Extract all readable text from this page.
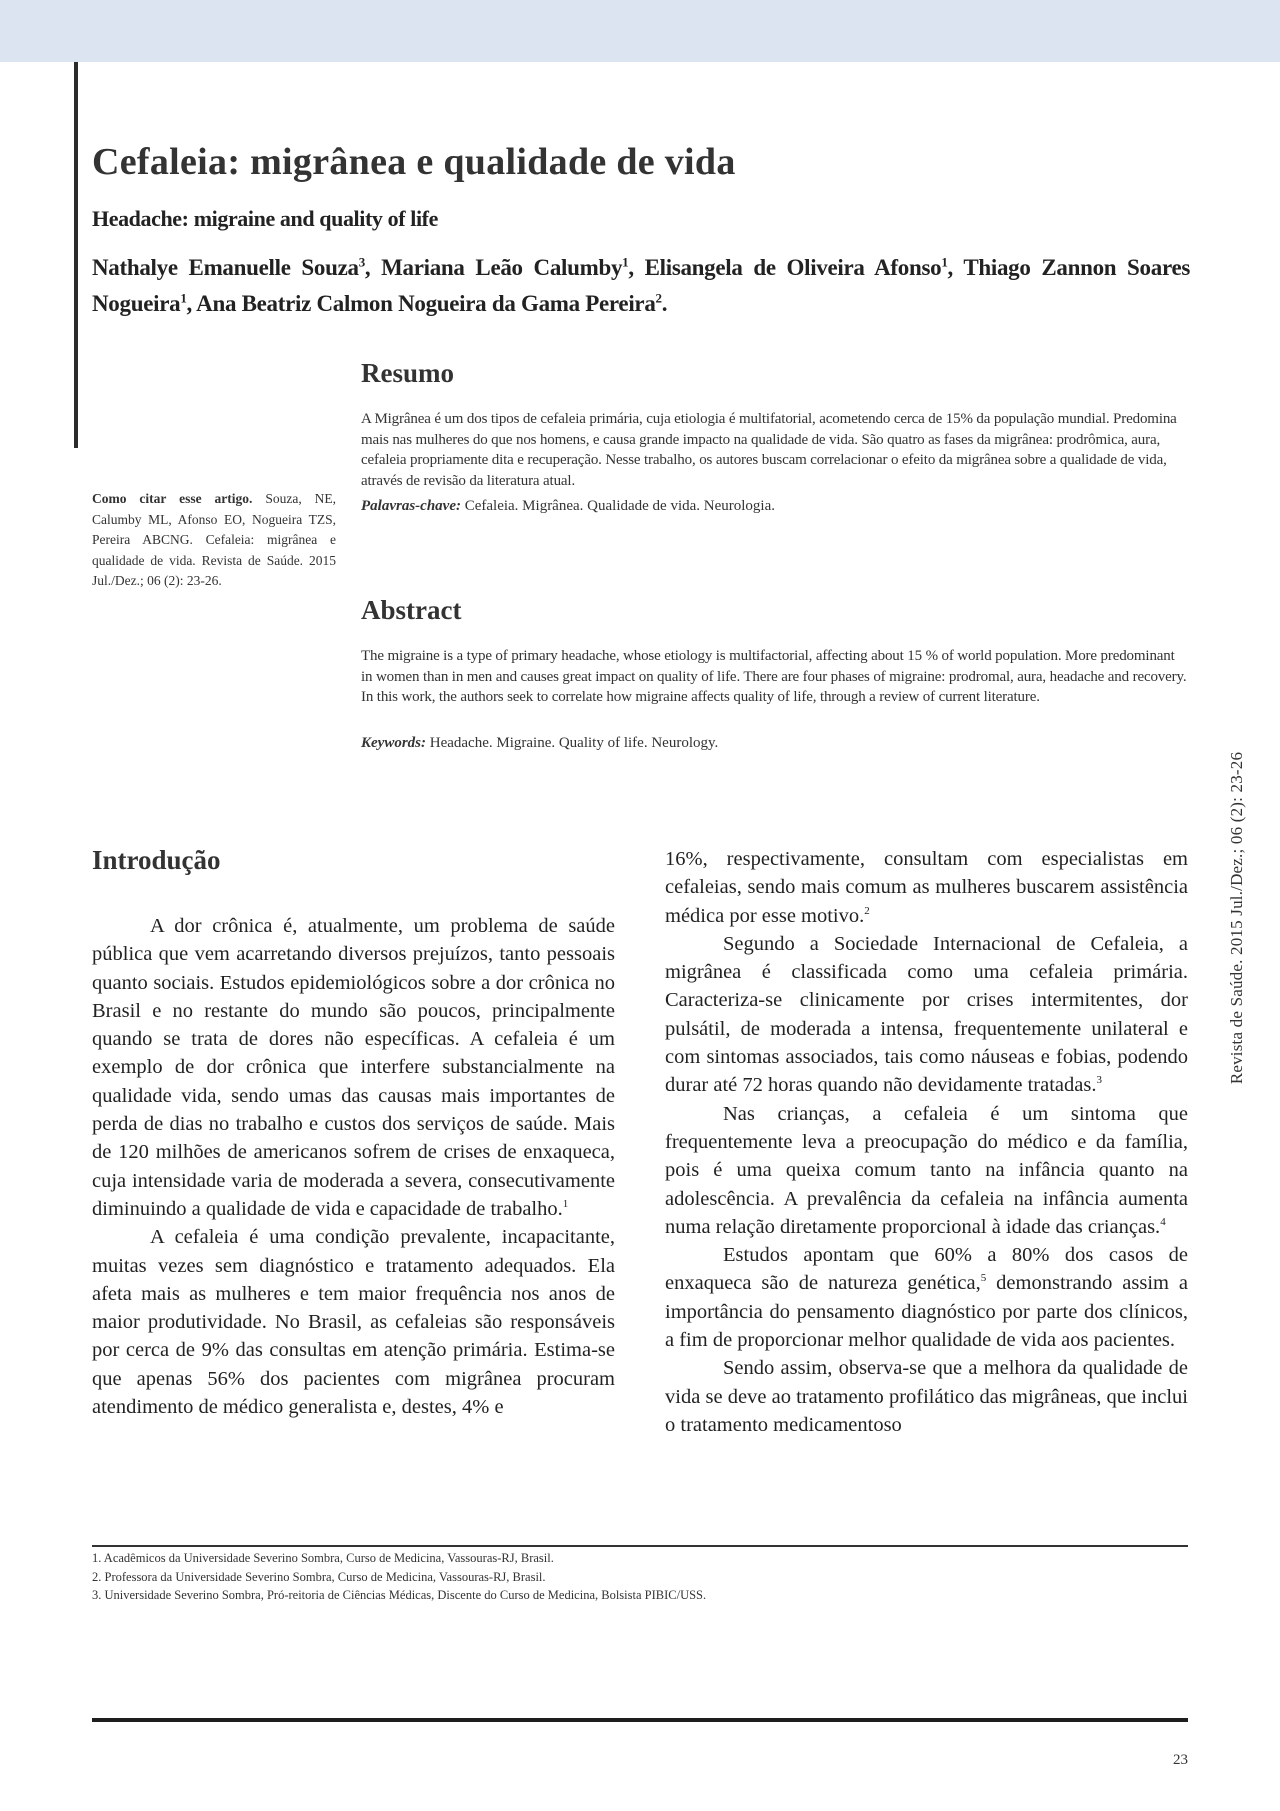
Cefaleia: migrânea e qualidade de vida
Headache: migraine and quality of life

Nathalye Emanuelle Souza$^3$, Mariana Leão Calumby$^1$, Elisangela de Oliveira Afonso$^1$, Thiago Zannon Soares Nogueira$^1$, Ana Beatriz Calmon Nogueira da Gama Pereira$^2$.

Resumo

A Migrânea é um dos tipos de cefaleia primária, cuja etiologia é multifatorial, acometendo cerca de 15% da população mundial. Predomina mais nas mulheres do que nos homens, e causa grande impacto na qualidade de vida. São quatro as fases da migrânea: prodrômica, aura, cefaleia propriamente dita e recuperação. Nesse trabalho, os autores buscam correlacionar o efeito da migrânea sobre a qualidade de vida, através de revisão da literatura atual.

Palavras-chave: Cefaleia. Migrânea. Qualidade de vida. Neurologia.

Como citar esse artigo. Souza, NE, Calumby ML, Afonso EO, Nogueira TZS, Pereira ABCNG. Cefaleia: migrânea e qualidade de vida. Revista de Saúde. 2015 Jul./Dez.; 06 (2): 23-26.

Abstract

The migraine is a type of primary headache, whose etiology is multifactorial, affecting about 15 % of world population. More predominant in women than in men and causes great impact on quality of life. There are four phases of migraine: prodromal, aura, headache and recovery. In this work, the authors seek to correlate how migraine affects quality of life, through a review of current literature.

Keywords: Headache. Migraine. Quality of life. Neurology.

Introdução

A dor crônica é, atualmente, um problema de saúde pública que vem acarretando diversos prejuízos, tanto pessoais quanto sociais. Estudos epidemiológicos sobre a dor crônica no Brasil e no restante do mundo são poucos, principalmente quando se trata de dores não específicas. A cefaleia é um exemplo de dor crônica que interfere substancialmente na qualidade vida, sendo umas das causas mais importantes de perda de dias no trabalho e custos dos serviços de saúde. Mais de 120 milhões de americanos sofrem de crises de enxaqueca, cuja intensidade varia de moderada a severa, consecutivamente diminuindo a qualidade de vida e capacidade de trabalho.$^1$

A cefaleia é uma condição prevalente, incapacitante, muitas vezes sem diagnóstico e tratamento adequados. Ela afeta mais as mulheres e tem maior frequência nos anos de maior produtividade. No Brasil, as cefaleias são responsáveis por cerca de 9% das consultas em atenção primária. Estima-se que apenas 56% dos pacientes com migrânea procuram atendimento de médico generalista e, destes, 4% e

16%, respectivamente, consultam com especialistas em cefaleias, sendo mais comum as mulheres buscarem assistência médica por esse motivo.$^2$

Segundo a Sociedade Internacional de Cefaleia, a migrânea é classificada como uma cefaleia primária. Caracteriza-se clinicamente por crises intermitentes, dor pulsátil, de moderada a intensa, frequentemente unilateral e com sintomas associados, tais como náuseas e fobias, podendo durar até 72 horas quando não devidamente tratadas.$^3$

Nas crianças, a cefaleia é um sintoma que frequentemente leva a preocupação do médico e da família, pois é uma queixa comum tanto na infância quanto na adolescência. A prevalência da cefaleia na infância aumenta numa relação diretamente proporcional à idade das crianças.$^4$

Estudos apontam que 60% a 80% dos casos de enxaqueca são de natureza genética,$^5$ demonstrando assim a importância do pensamento diagnóstico por parte dos clínicos, a fim de proporcionar melhor qualidade de vida aos pacientes.

Sendo assim, observa-se que a melhora da qualidade de vida se deve ao tratamento profilático das migrâneas, que inclui o tratamento medicamentoso

1. Acadêmicos da Universidade Severino Sombra, Curso de Medicina, Vassouras-RJ, Brasil.
2. Professora da Universidade Severino Sombra, Curso de Medicina, Vassouras-RJ, Brasil.
3. Universidade Severino Sombra, Pró-reitoria de Ciências Médicas, Discente do Curso de Medicina, Bolsista PIBIC/USS.
23
Revista de Saúde. 2015 Jul./Dez.; 06 (2): 23-26
